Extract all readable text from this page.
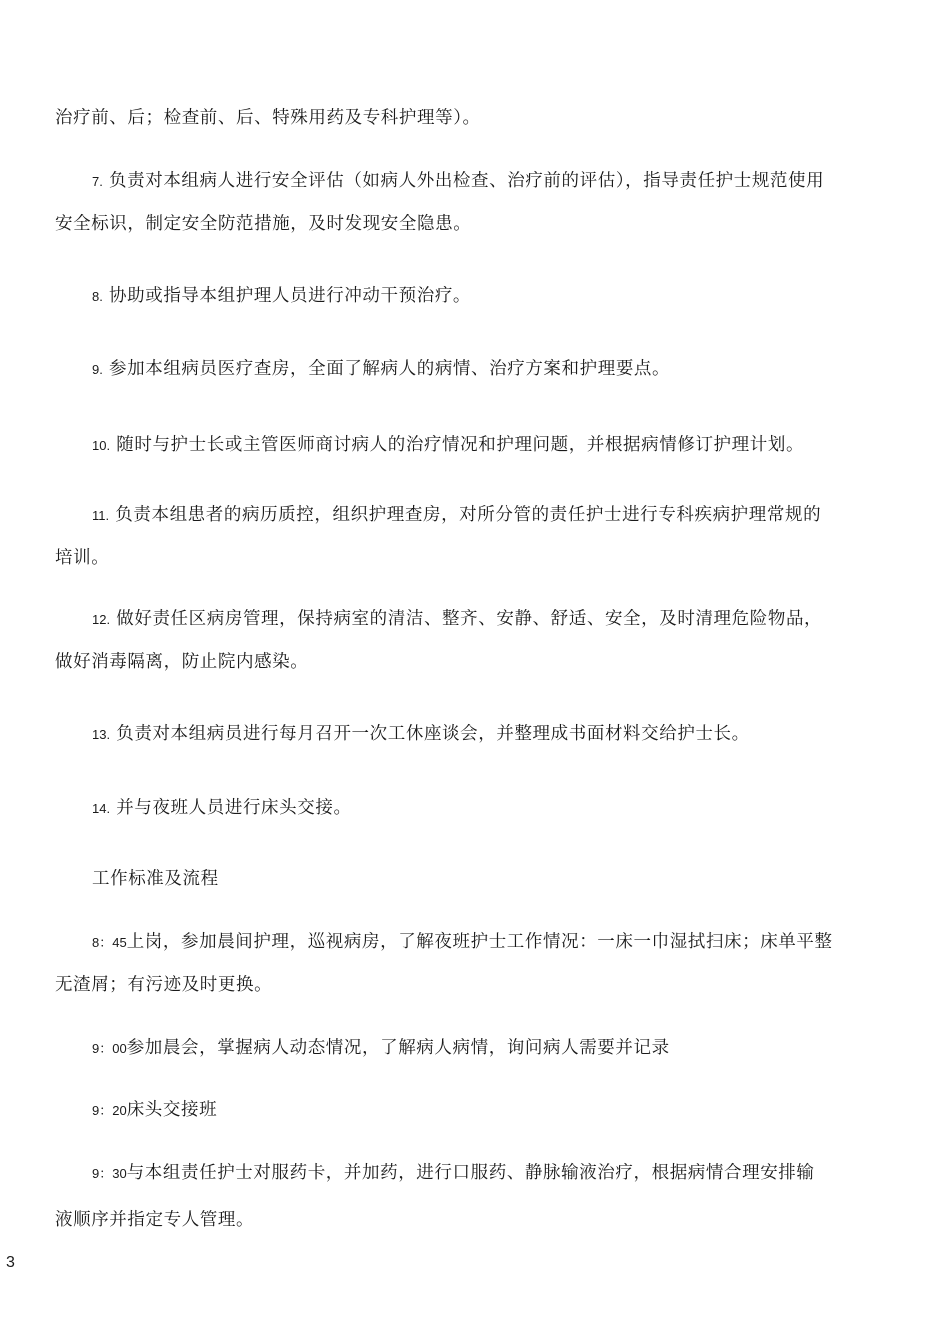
治疗前、后；检查前、后、特殊用药及专科护理等）。
7. 负责对本组病人进行安全评估（如病人外出检查、治疗前的评估），指导责任护士规范使用
安全标识，制定安全防范措施，及时发现安全隐患。
8. 协助或指导本组护理人员进行冲动干预治疗。
9. 参加本组病员医疗查房，全面了解病人的病情、治疗方案和护理要点。
10. 随时与护士长或主管医师商讨病人的治疗情况和护理问题，并根据病情修订护理计划。
11. 负责本组患者的病历质控，组织护理查房，对所分管的责任护士进行专科疾病护理常规的
培训。
12. 做好责任区病房管理，保持病室的清洁、整齐、安静、舒适、安全，及时清理危险物品，
做好消毒隔离，防止院内感染。
13. 负责对本组病员进行每月召开一次工休座谈会，并整理成书面材料交给护士长。
14. 并与夜班人员进行床头交接。
工作标准及流程
8：45上岗，参加晨间护理，巡视病房，了解夜班护士工作情况：一床一巾湿拭扫床；床单平整
无渣屑；有污迹及时更换。
9：00参加晨会，掌握病人动态情况，了解病人病情，询问病人需要并记录
9：20床头交接班
9：30与本组责任护士对服药卡，并加药，进行口服药、静脉输液治疗，根据病情合理安排输
液顺序并指定专人管理。
3
